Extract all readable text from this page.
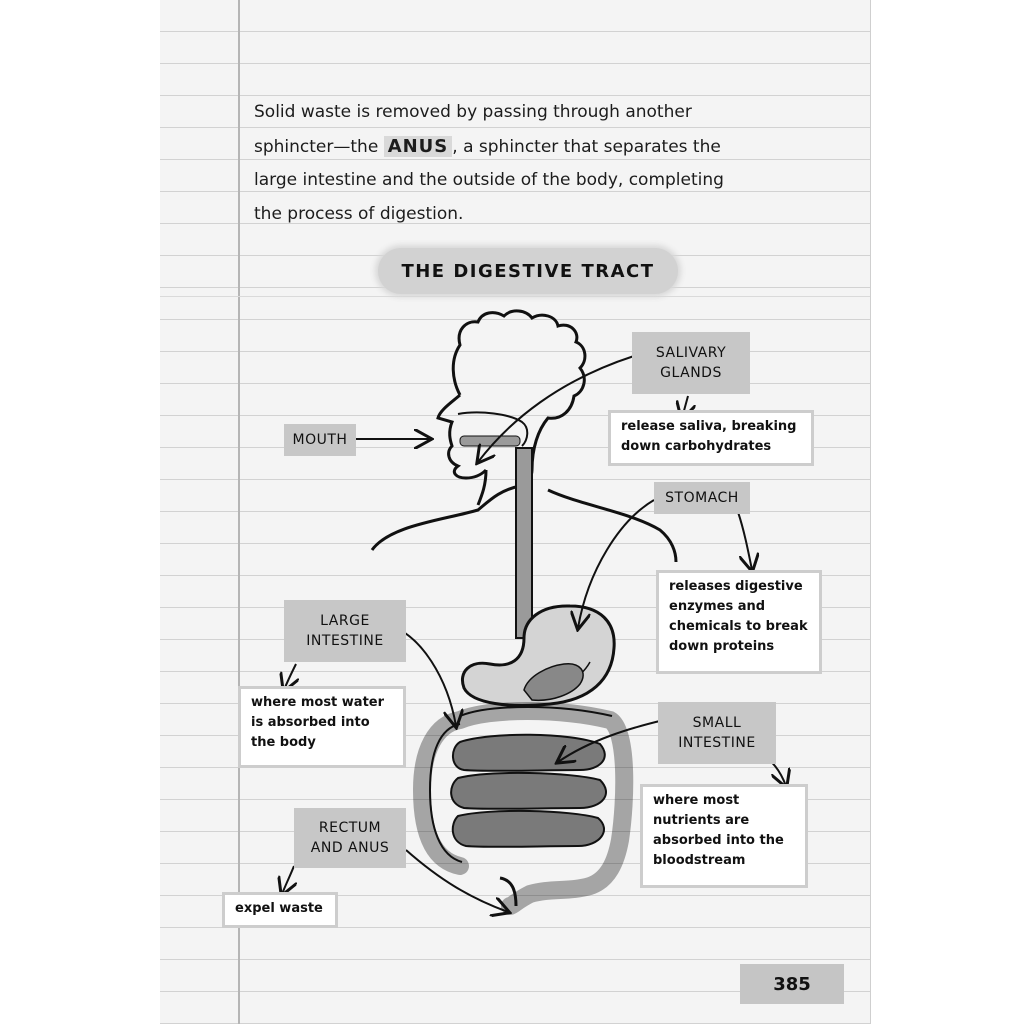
Solid waste is removed by passing through another

sphincter—the ANUS , a sphincter that separates the

large intestine and the outside of the body, completing

the process of digestion.

THE DIGESTIVE TRACT
SALIVARY
GLANDS
release saliva, breaking
down carbohydrates
MOUTH
STOMACH
releases digestive
enzymes and
chemicals to break
down proteins
LARGE
INTESTINE
where most water
is absorbed into
the body
SMALL
INTESTINE
where most
nutrients are
absorbed into the
bloodstream
RECTUM
AND ANUS
expel waste
385
